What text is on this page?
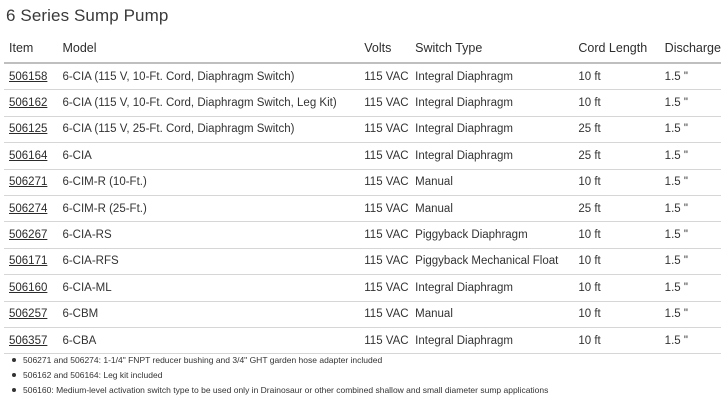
6 Series Sump Pump
Item	Model	Volts	Switch Type	Cord Length	Discharge
506158	6-CIA (115 V, 10-Ft. Cord, Diaphragm Switch)	115 VAC	Integral Diaphragm	10 ft	1.5 "
506162	6-CIA (115 V, 10-Ft. Cord, Diaphragm Switch, Leg Kit)	115 VAC	Integral Diaphragm	10 ft	1.5 "
506125	6-CIA (115 V, 25-Ft. Cord, Diaphragm Switch)	115 VAC	Integral Diaphragm	25 ft	1.5 "
506164	6-CIA	115 VAC	Integral Diaphragm	25 ft	1.5 "
506271	6-CIM-R (10-Ft.)	115 VAC	Manual	10 ft	1.5 "
506274	6-CIM-R (25-Ft.)	115 VAC	Manual	25 ft	1.5 "
506267	6-CIA-RS	115 VAC	Piggyback Diaphragm	10 ft	1.5 "
506171	6-CIA-RFS	115 VAC	Piggyback Mechanical Float	10 ft	1.5 "
506160	6-CIA-ML	115 VAC	Integral Diaphragm	10 ft	1.5 "
506257	6-CBM	115 VAC	Manual	10 ft	1.5 "
506357	6-CBA	115 VAC	Integral Diaphragm	10 ft	1.5 "
506271 and 506274: 1-1/4" FNPT reducer bushing and 3/4" GHT garden hose adapter included
506162 and 506164: Leg kit included
506160: Medium-level activation switch type to be used only in Drainosaur or other combined shallow and small diameter sump applications
